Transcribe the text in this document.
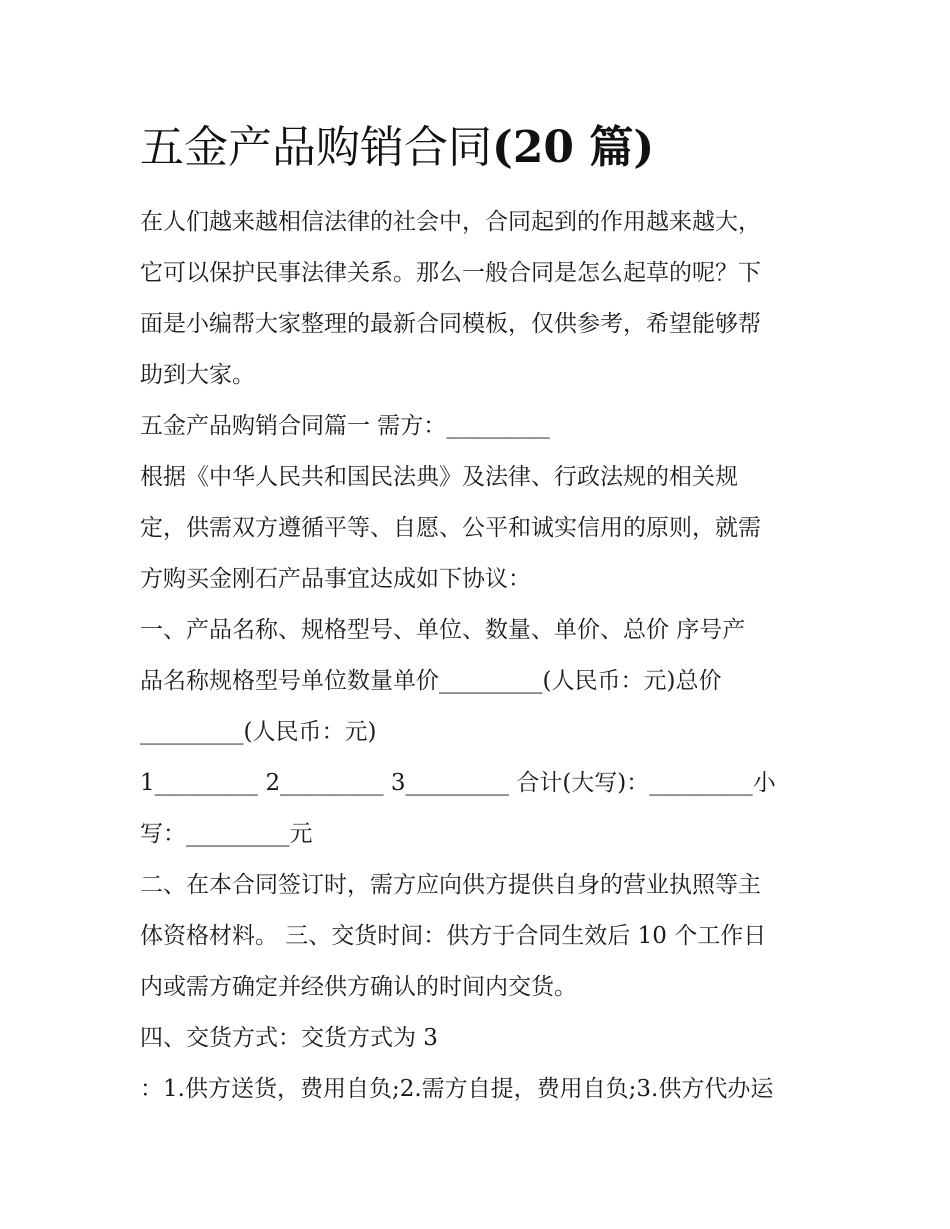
五金产品购销合同(20 篇)
在人们越来越相信法律的社会中，合同起到的作用越来越大，
它可以保护民事法律关系。那么一般合同是怎么起草的呢？下
面是小编帮大家整理的最新合同模板，仅供参考，希望能够帮
助到大家。
五金产品购销合同篇一 需方：_________
根据《中华人民共和国民法典》及法律、行政法规的相关规
定，供需双方遵循平等、自愿、公平和诚实信用的原则，就需
方购买金刚石产品事宜达成如下协议：
一、产品名称、规格型号、单位、数量、单价、总价 序号产
品名称规格型号单位数量单价_________(人民币：元)总价
_________(人民币：元)
1_________ 2_________ 3_________ 合计(大写)：_________小
写：_________元
二、在本合同签订时，需方应向供方提供自身的营业执照等主
体资格材料。 三、交货时间：供方于合同生效后 10 个工作日
内或需方确定并经供方确认的时间内交货。
四、交货方式：交货方式为 3
：1.供方送货，费用自负;2.需方自提，费用自负;3.供方代办运
